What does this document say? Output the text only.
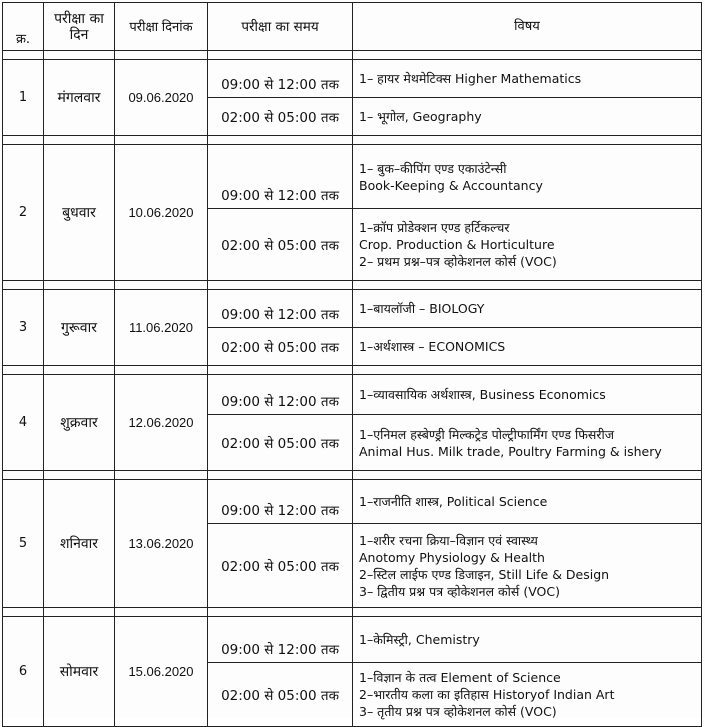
क्र.	परीक्षा का दिन	परीक्षा दिनांक	परीक्षा का समय	विषय

1	मंगलवार	09.06.2020	09:00 से 12:00 तक	1– हायर मेथमेटिक्स Higher Mathematics

			02:00 से 05:00 तक	1– भूगोल, Geography

2	बुधवार	10.06.2020	09:00 से 12:00 तक	1– बुक–कीपिंग एण्ड एकाउंटेन्सी
Book-Keeping & Accountancy

			02:00 से 05:00 तक	1–क्रॉप प्रोडेक्शन एण्ड हर्टिकल्चर
Crop. Production & Horticulture
2– प्रथम प्रश्न–पत्र व्होकेशनल कोर्स (VOC)

3	गुरूवार	11.06.2020	09:00 से 12:00 तक	1–बायलॉजी – BIOLOGY

			02:00 से 05:00 तक	1–अर्थशास्त्र – ECONOMICS

4	शुक्रवार	12.06.2020	09:00 से 12:00 तक	1–व्यावसायिक अर्थशास्त्र, Business Economics

			02:00 से 05:00 तक	1–एनिमल हस्बेण्ड्री मिल्कट्रेड पोल्ट्रीफार्मिंग एण्ड फिसरीज
Animal Hus. Milk trade, Poultry Farming & ishery

5	शनिवार	13.06.2020	09:00 से 12:00 तक	1–राजनीति शास्त्र, Political Science

			02:00 से 05:00 तक	1–शरीर रचना क्रिया–विज्ञान एवं स्वास्थ्य
Anotomy Physiology & Health
2–स्टिल लाईफ एण्ड डिजाइन, Still Life & Design
3– द्वितीय प्रश्न पत्र व्होकेशनल कोर्स (VOC)

6	सोमवार	15.06.2020	09:00 से 12:00 तक	1–केमिस्ट्री, Chemistry

			02:00 से 05:00 तक	1–विज्ञान के तत्व Element of Science
2–भारतीय कला का इतिहास Historyof Indian Art
3– तृतीय प्रश्न पत्र व्होकेशनल कोर्स (VOC)
